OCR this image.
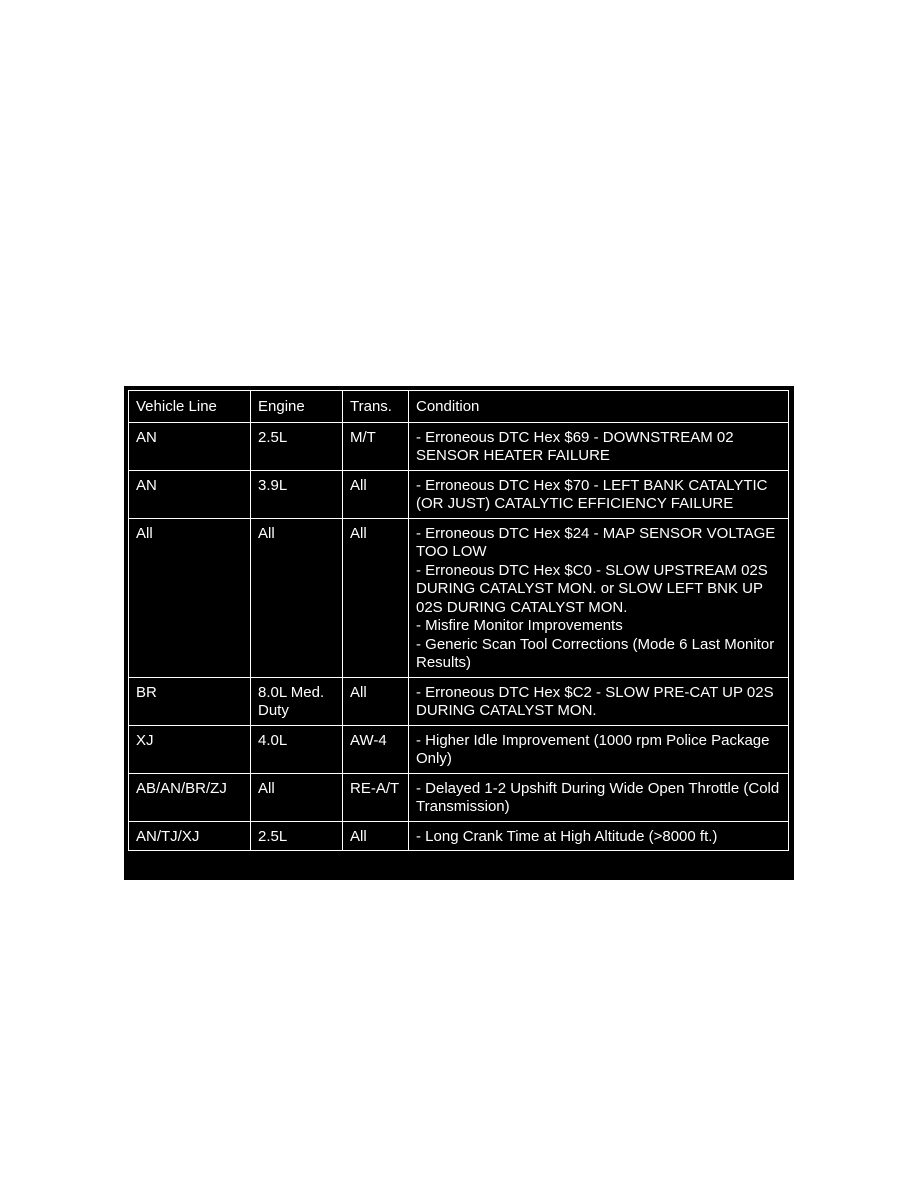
Vehicle Line	Engine	Trans.	Condition
AN	2.5L	M/T	- Erroneous DTC Hex $69 - DOWNSTREAM 02 SENSOR HEATER FAILURE

AN	3.9L	All	- Erroneous DTC Hex $70 - LEFT BANK CATALYTIC (OR JUST) CATALYTIC EFFICIENCY FAILURE

All	All	All	- Erroneous DTC Hex $24 - MAP SENSOR VOLTAGE TOO LOW
- Erroneous DTC Hex $C0 - SLOW UPSTREAM 02S DURING CATALYST MON. or SLOW LEFT BNK UP 02S DURING CATALYST MON.
- Misfire Monitor Improvements
- Generic Scan Tool Corrections (Mode 6 Last Monitor Results)

BR	8.0L Med. Duty	All	- Erroneous DTC Hex $C2 - SLOW PRE-CAT UP 02S DURING CATALYST MON.

XJ	4.0L	AW-4	- Higher Idle Improvement (1000 rpm Police Package Only)

AB/AN/BR/ZJ	All	RE-A/T	- Delayed 1-2 Upshift During Wide Open Throttle (Cold Transmission)

AN/TJ/XJ	2.5L	All	- Long Crank Time at High Altitude (>8000 ft.)
